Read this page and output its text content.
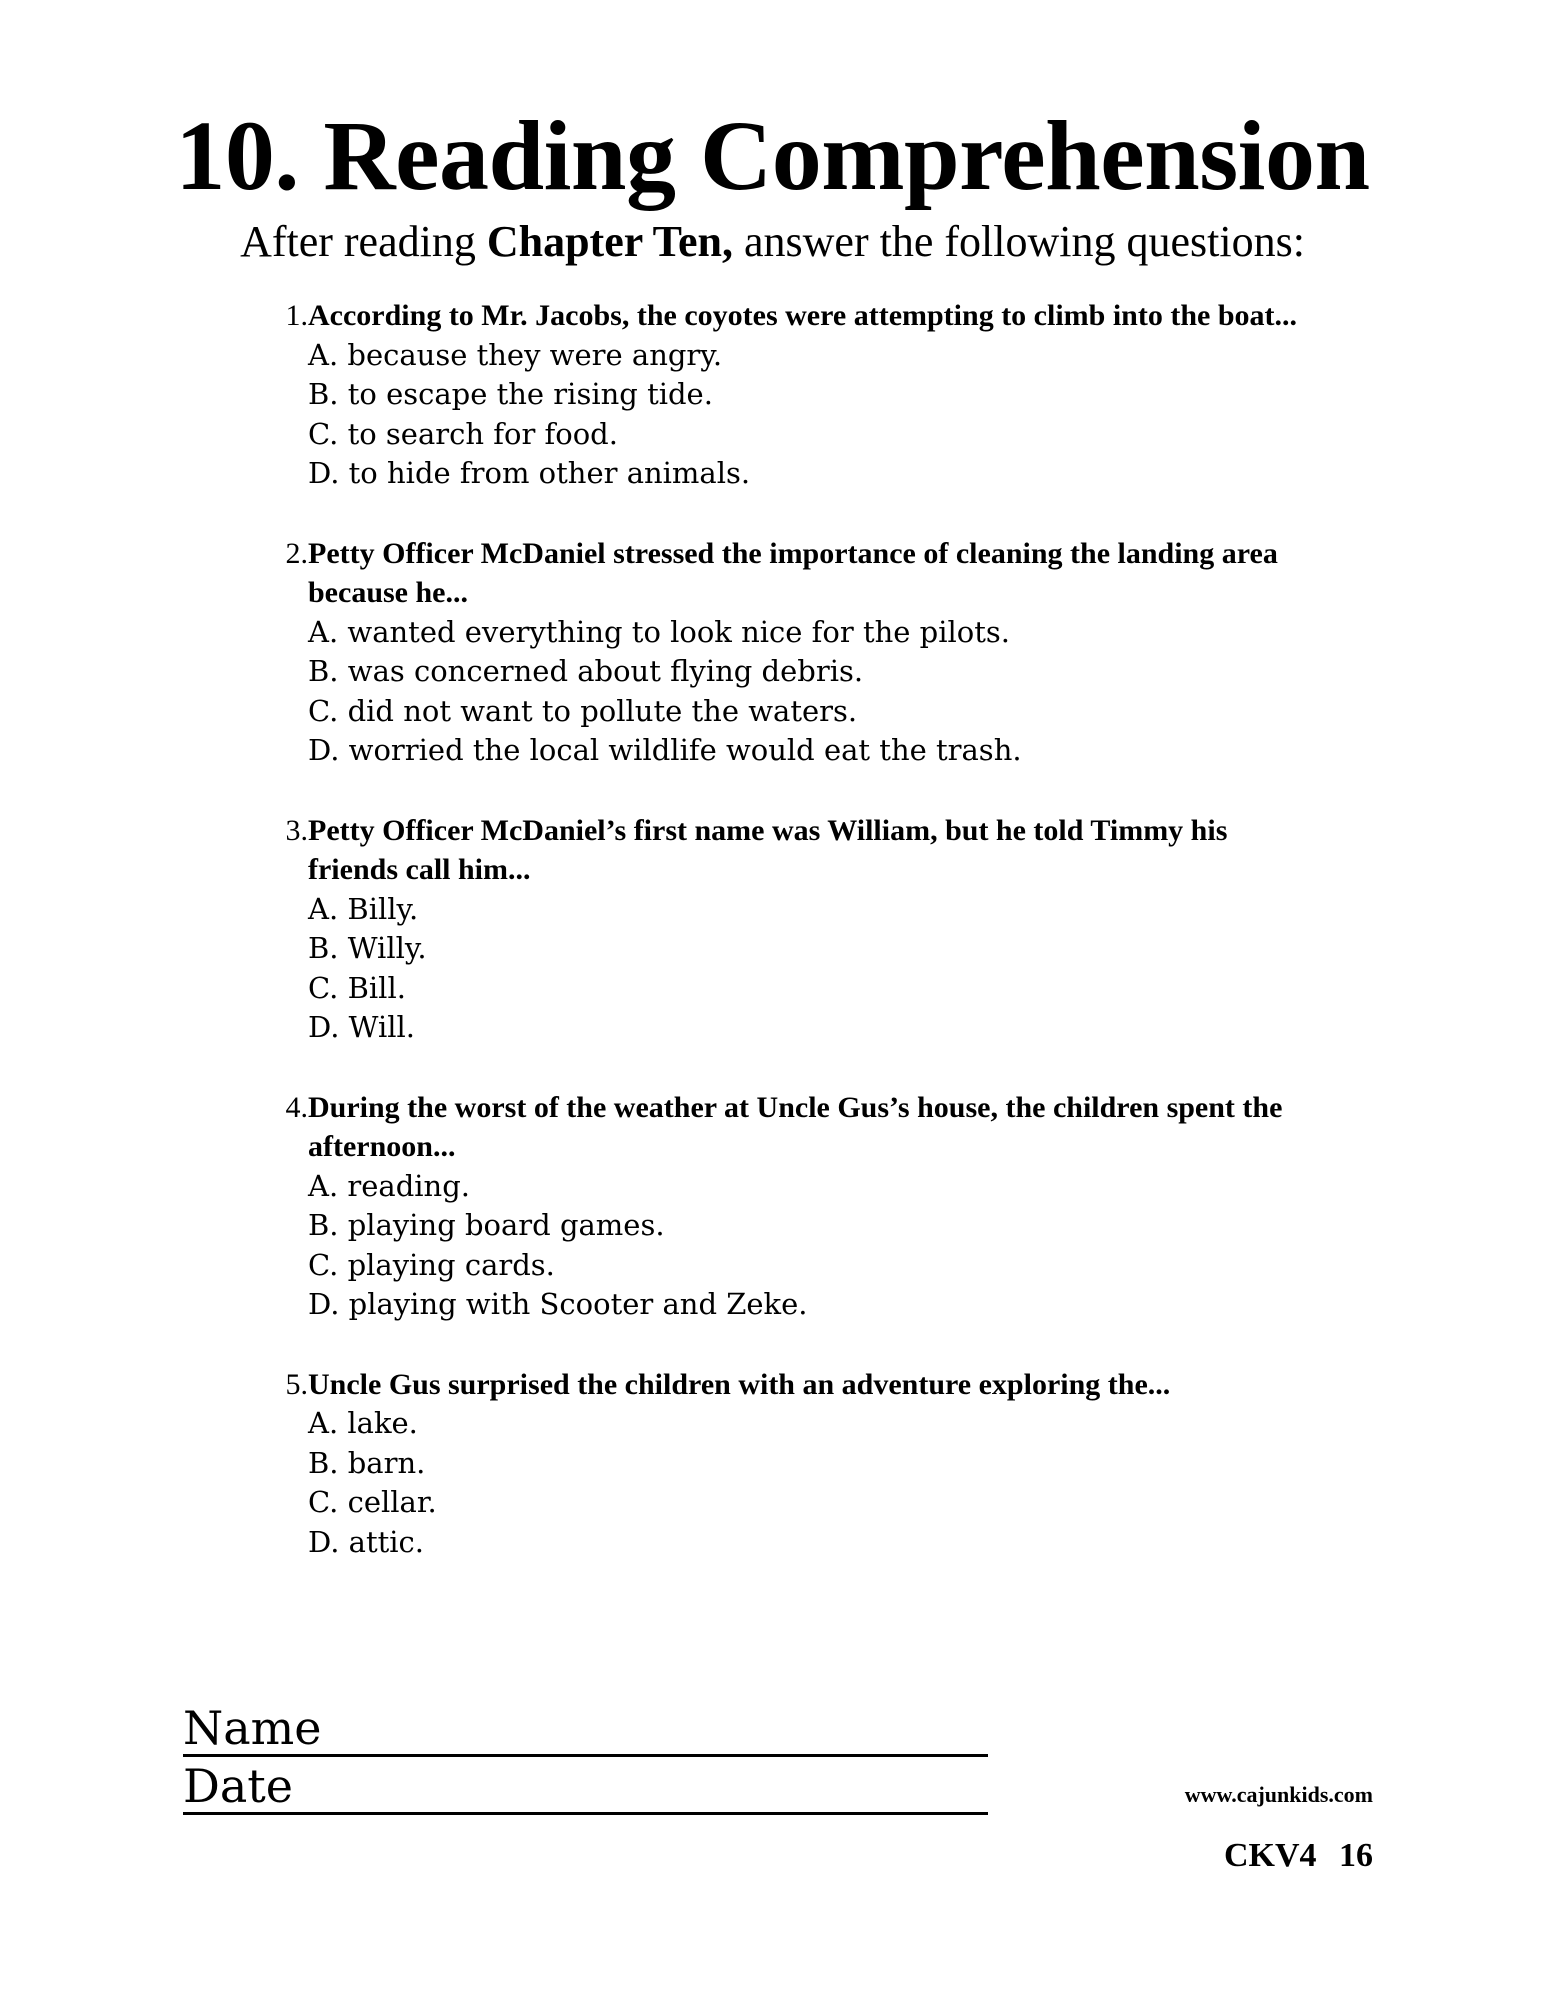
10. Reading Comprehension
After reading Chapter Ten, answer the following questions:
1. According to Mr. Jacobs, the coyotes were attempting to climb into the boat...
A. because they were angry.
B. to escape the rising tide.
C. to search for food.
D. to hide from other animals.
2. Petty Officer McDaniel stressed the importance of cleaning the landing area because he...
A. wanted everything to look nice for the pilots.
B. was concerned about flying debris.
C. did not want to pollute the waters.
D. worried the local wildlife would eat the trash.
3. Petty Officer McDaniel’s first name was William, but he told Timmy his friends call him...
A. Billy.
B. Willy.
C. Bill.
D. Will.
4. During the worst of the weather at Uncle Gus’s house, the children spent the afternoon...
A. reading.
B. playing board games.
C. playing cards.
D. playing with Scooter and Zeke.
5. Uncle Gus surprised the children with an adventure exploring the...
A. lake.
B. barn.
C. cellar.
D. attic.
Name
Date	www.cajunkids.com
CKV4 16
